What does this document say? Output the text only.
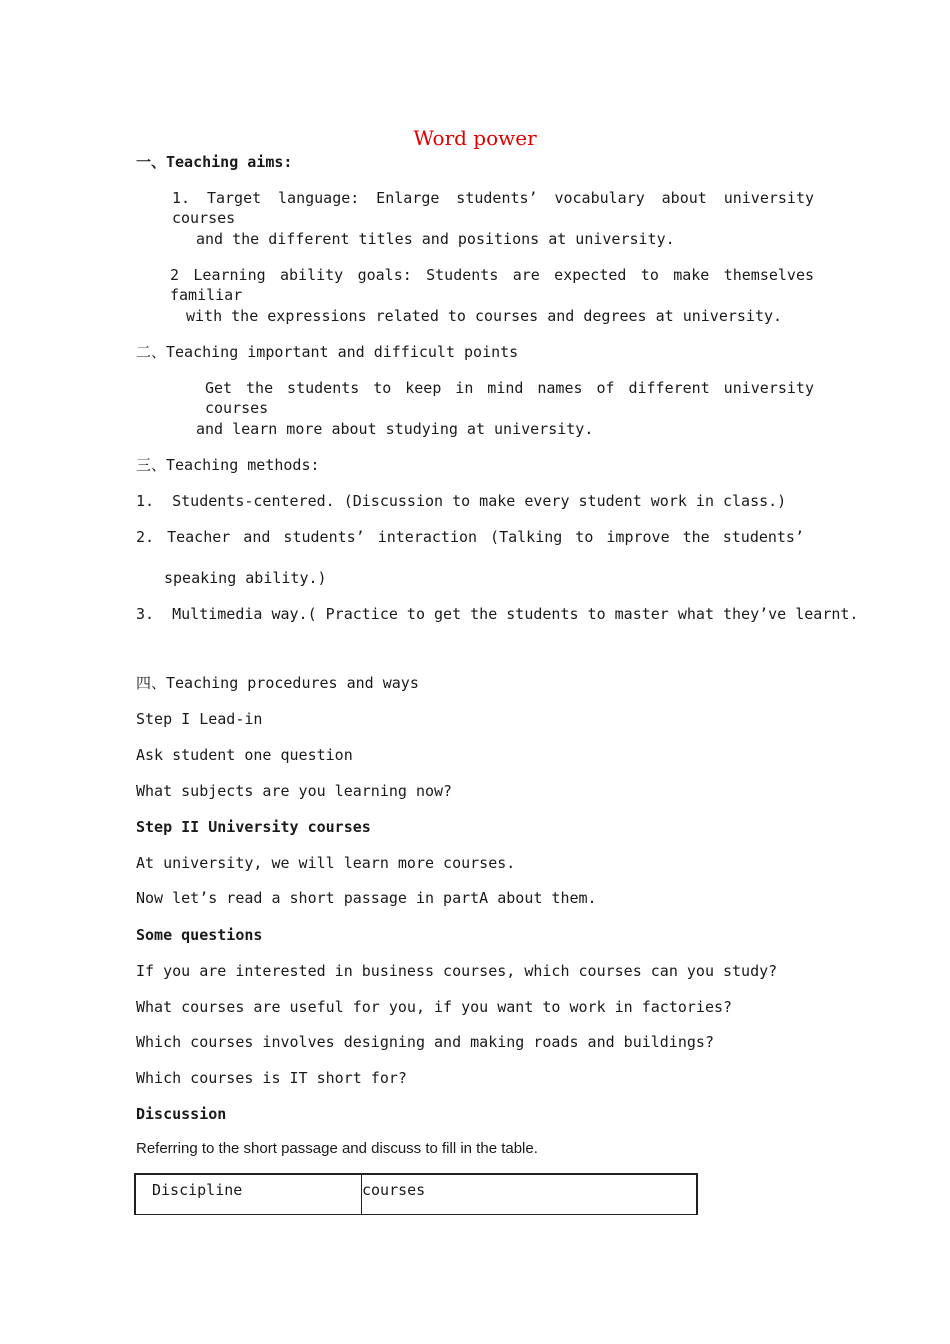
Word power
一、Teaching aims:
1. Target language: Enlarge students’ vocabulary about university courses
and the different titles and positions at university.
2 Learning ability goals: Students are expected to make themselves familiar
with the expressions related to courses and degrees at university.
二、Teaching important and difficult points
Get the students to keep in mind names of different university courses
and learn more about studying at university.
三、Teaching methods:
1.  Students-centered. (Discussion to make every student work in class.)
2. Teacher and students’ interaction (Talking to improve the students’
speaking ability.)
3.  Multimedia way.( Practice to get the students to master what they’ve learnt.
四、Teaching procedures and ways
Step I Lead-in
Ask student one question
What subjects are you learning now?
Step II University courses
At university, we will learn more courses.
Now let’s read a short passage in partA about them.
Some questions
If you are interested in business courses, which courses can you study?
What courses are useful for you, if you want to work in factories?
Which courses involves designing and making roads and buildings?
Which courses is IT short for?
Discussion
Referring to the short passage and discuss to fill in the table.
Discipline	courses
